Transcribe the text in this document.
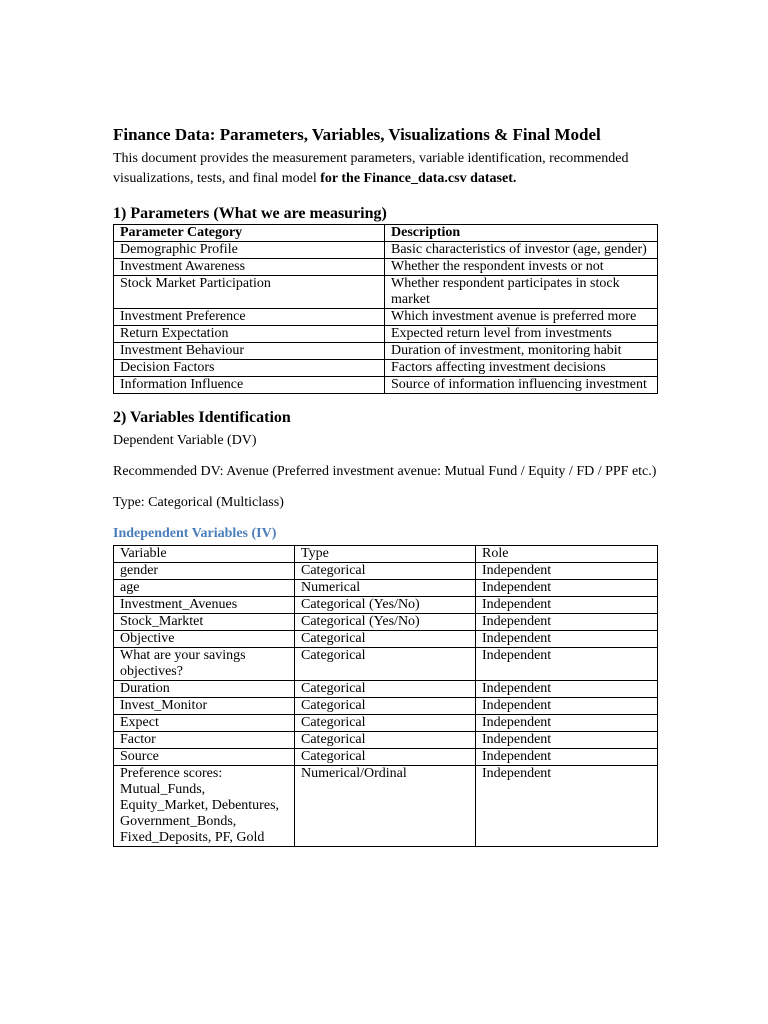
Finance Data: Parameters, Variables, Visualizations & Final Model

This document provides the measurement parameters, variable identification, recommended visualizations, tests, and final model for the Finance_data.csv dataset.

1) Parameters (What we are measuring)
Parameter Category	Description
Demographic Profile	Basic characteristics of investor (age, gender)
Investment Awareness	Whether the respondent invests or not
Stock Market Participation	Whether respondent participates in stock market
Investment Preference	Which investment avenue is preferred more
Return Expectation	Expected return level from investments
Investment Behaviour	Duration of investment, monitoring habit
Decision Factors	Factors affecting investment decisions
Information Influence	Source of information influencing investment
2) Variables Identification

Dependent Variable (DV)

Recommended DV: Avenue (Preferred investment avenue: Mutual Fund / Equity / FD / PPF etc.)

Type: Categorical (Multiclass)

Independent Variables (IV)
Variable	Type	Role
gender	Categorical	Independent
age	Numerical	Independent
Investment_Avenues	Categorical (Yes/No)	Independent
Stock_Marktet	Categorical (Yes/No)	Independent
Objective	Categorical	Independent
What are your savings objectives?	Categorical	Independent
Duration	Categorical	Independent
Invest_Monitor	Categorical	Independent
Expect	Categorical	Independent
Factor	Categorical	Independent
Source	Categorical	Independent
Preference scores: Mutual_Funds, Equity_Market, Debentures, Government_Bonds, Fixed_Deposits, PF, Gold	Numerical/Ordinal	Independent
